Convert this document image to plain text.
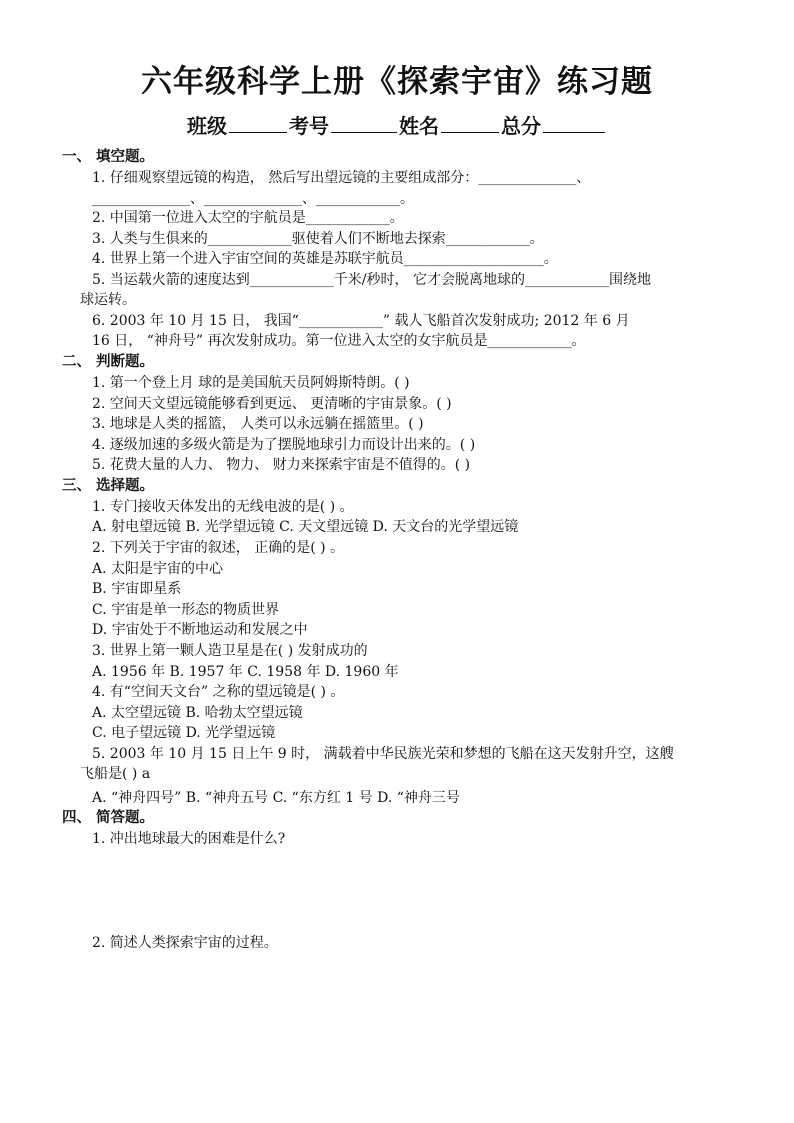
六年级科学上册《探索宇宙》练习题
班级	考号	姓名	总分
一、 填空题。
1. 仔细观察望远镜的构造， 然后写出望远镜的主要组成部分：______________、
______________、______________、____________。
2. 中国第一位进入太空的宇航员是____________。
3. 人类与生俱来的____________驱使着人们不断地去探索____________。
4. 世界上第一个进入宇宙空间的英雄是苏联宇航员____________________。
5. 当运载火箭的速度达到____________千米/秒时， 它才会脱离地球的____________围绕地
球运转。
6. 2003 年 10 月 15 日， 我国“____________” 载人飞船首次发射成功; 2012 年 6 月
16 日， “神舟号” 再次发射成功。第一位进入太空的女宇航员是____________。
二、 判断题。
1. 第一个登上月 球的是美国航天员阿姆斯特朗。( )
2. 空间天文望远镜能够看到更远、 更清晰的宇宙景象。( )
3. 地球是人类的摇篮， 人类可以永远躺在摇篮里。( )
4. 逐级加速的多级火箭是为了摆脱地球引力而设计出来的。( )
5. 花费大量的人力、 物力、 财力来探索宇宙是不值得的。( )
三、 选择题。
1. 专门接收天体发出的无线电波的是( ) 。
A. 射电望远镜 B. 光学望远镜 C. 天文望远镜 D. 天文台的光学望远镜
2. 下列关于宇宙的叙述， 正确的是( ) 。
A. 太阳是宇宙的中心
B. 宇宙即星系
C. 宇宙是单一形态的物质世界
D. 宇宙处于不断地运动和发展之中
3. 世界上第一颗人造卫星是在( ) 发射成功的
A. 1956 年 B. 1957 年 C. 1958 年 D. 1960 年
4. 有“空间天文台” 之称的望远镜是( ) 。
A. 太空望远镜 B. 哈勃太空望远镜
C. 电子望远镜 D. 光学望远镜
5. 2003 年 10 月 15 日上午 9 时， 满载着中华民族光荣和梦想的飞船在这天发射升空，这艘
飞船是( ) a
A. “神舟四号” B. “神舟五号 C. “东方红 1 号 D. “神舟三号
四、 简答题。
1. 冲出地球最大的困难是什么?
2. 简述人类探索宇宙的过程。
